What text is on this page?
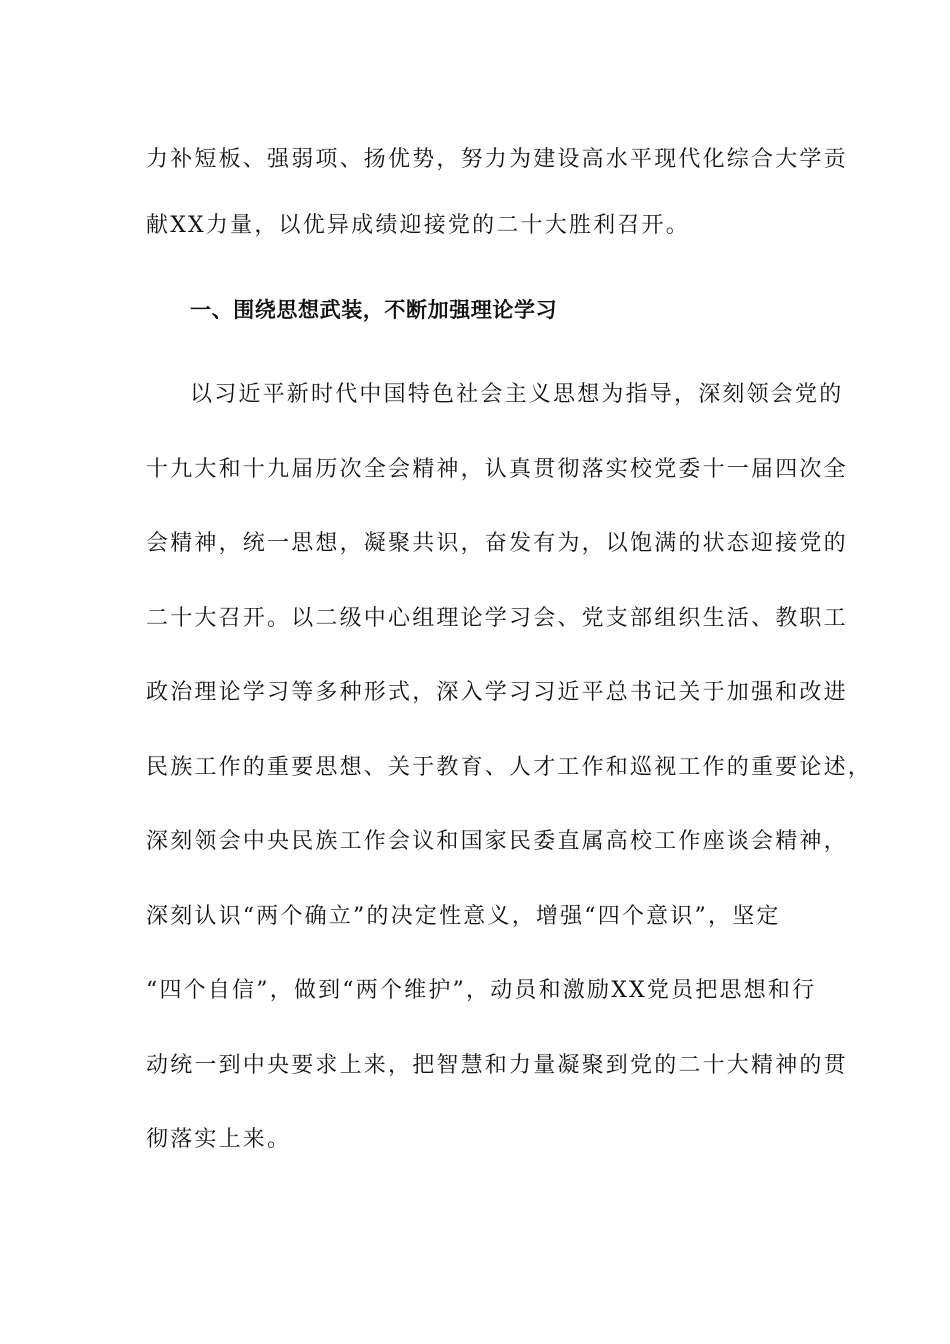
力补短板、强弱项、扬优势，努力为建设高水平现代化综合大学贡
献XX力量，以优异成绩迎接党的二十大胜利召开。
一、围绕思想武装，不断加强理论学习
以习近平新时代中国特色社会主义思想为指导，深刻领会党的
十九大和十九届历次全会精神，认真贯彻落实校党委十一届四次全
会精神，统一思想，凝聚共识，奋发有为，以饱满的状态迎接党的
二十大召开。以二级中心组理论学习会、党支部组织生活、教职工
政治理论学习等多种形式，深入学习习近平总书记关于加强和改进
民族工作的重要思想、关于教育、人才工作和巡视工作的重要论述，
深刻领会中央民族工作会议和国家民委直属高校工作座谈会精神，
深刻认识“两个确立”的决定性意义，增强“四个意识”，坚定
“四个自信”，做到“两个维护”，动员和激励XX党员把思想和行
动统一到中央要求上来，把智慧和力量凝聚到党的二十大精神的贯
彻落实上来。
